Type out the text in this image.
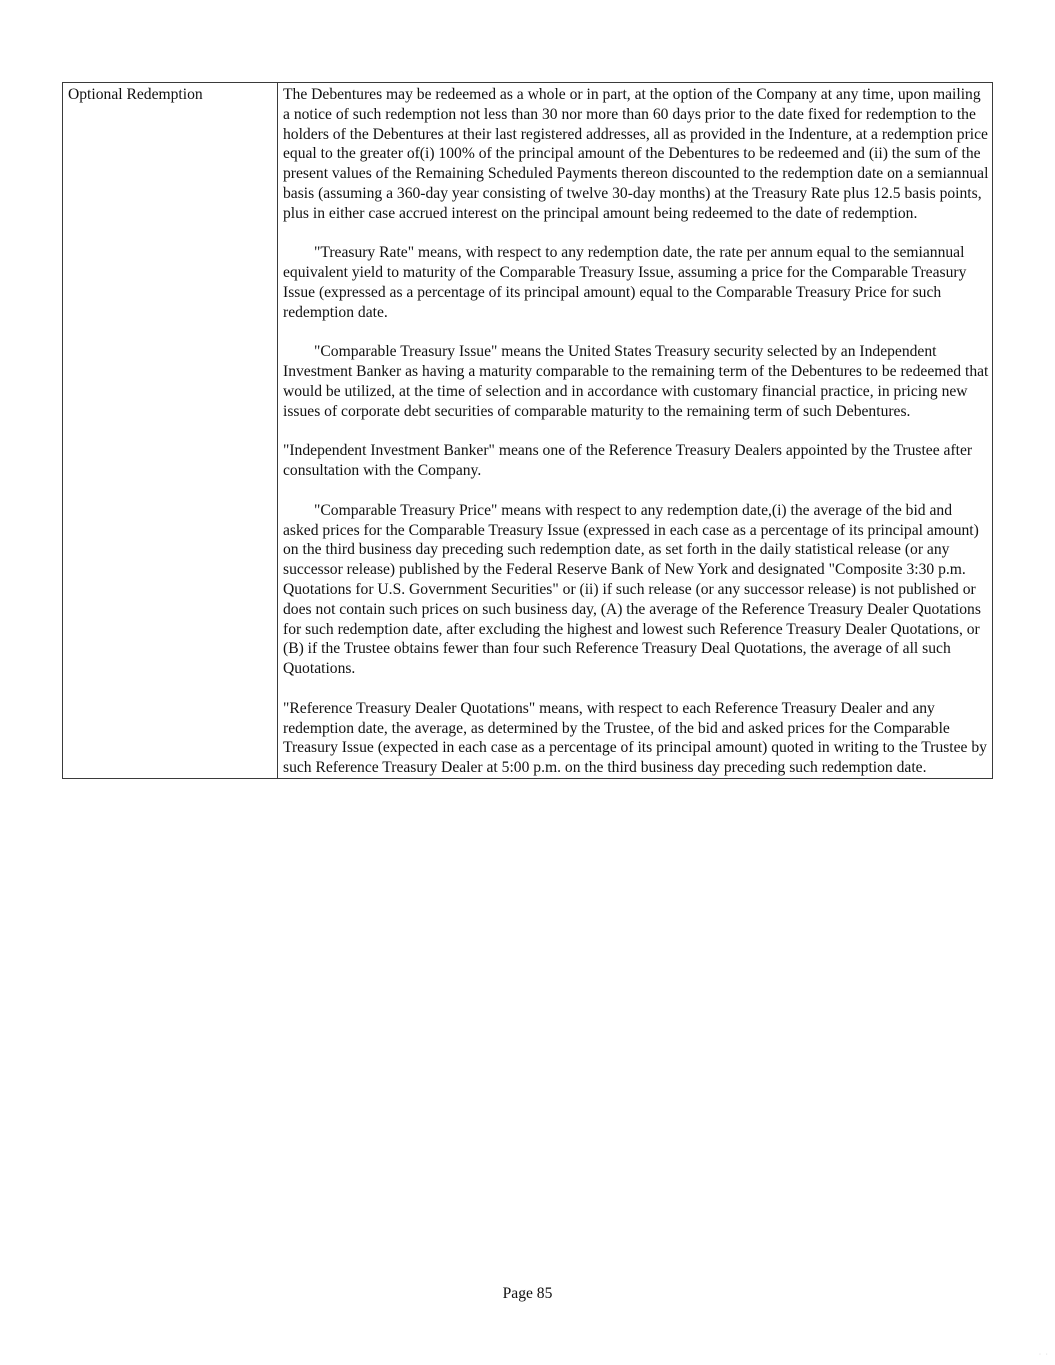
Optional Redemption	The Debentures may be redeemed as a whole or in part, at the option of the Company at any time, upon mailing a notice of such redemption not less than 30 nor more than 60 days prior to the date fixed for redemption to the holders of the Debentures at their last registered addresses, all as provided in the Indenture, at a redemption price equal to the greater of(i) 100% of the principal amount of the Debentures to be redeemed and (ii) the sum of the present values of the Remaining Scheduled Payments thereon discounted to the redemption date on a semiannual basis (assuming a 360-day year consisting of twelve 30-day months) at the Treasury Rate plus 12.5 basis points, plus in either case accrued interest on the principal amount being redeemed to the date of redemption.

"Treasury Rate" means, with respect to any redemption date, the rate per annum equal to the semiannual equivalent yield to maturity of the Comparable Treasury Issue, assuming a price for the Comparable Treasury Issue (expressed as a percentage of its principal amount) equal to the Comparable Treasury Price for such redemption date.

"Comparable Treasury Issue" means the United States Treasury security selected by an Independent Investment Banker as having a maturity comparable to the remaining term of the Debentures to be redeemed that would be utilized, at the time of selection and in accordance with customary financial practice, in pricing new issues of corporate debt securities of comparable maturity to the remaining term of such Debentures.

"Independent Investment Banker" means one of the Reference Treasury Dealers appointed by the Trustee after consultation with the Company.

"Comparable Treasury Price" means with respect to any redemption date,(i) the average of the bid and asked prices for the Comparable Treasury Issue (expressed in each case as a percentage of its principal amount) on the third business day preceding such redemption date, as set forth in the daily statistical release (or any successor release) published by the Federal Reserve Bank of New York and designated "Composite 3:30 p.m. Quotations for U.S. Government Securities" or (ii) if such release (or any successor release) is not published or does not contain such prices on such business day, (A) the average of the Reference Treasury Dealer Quotations for such redemption date, after excluding the highest and lowest such Reference Treasury Dealer Quotations, or (B) if the Trustee obtains fewer than four such Reference Treasury Deal Quotations, the average of all such Quotations.

"Reference Treasury Dealer Quotations" means, with respect to each Reference Treasury Dealer and any redemption date, the average, as determined by the Trustee, of the bid and asked prices for the Comparable Treasury Issue (expected in each case as a percentage of its principal amount) quoted in writing to the Trustee by such Reference Treasury Dealer at 5:00 p.m. on the third business day preceding such redemption date.

Page 85
˙ ˙
